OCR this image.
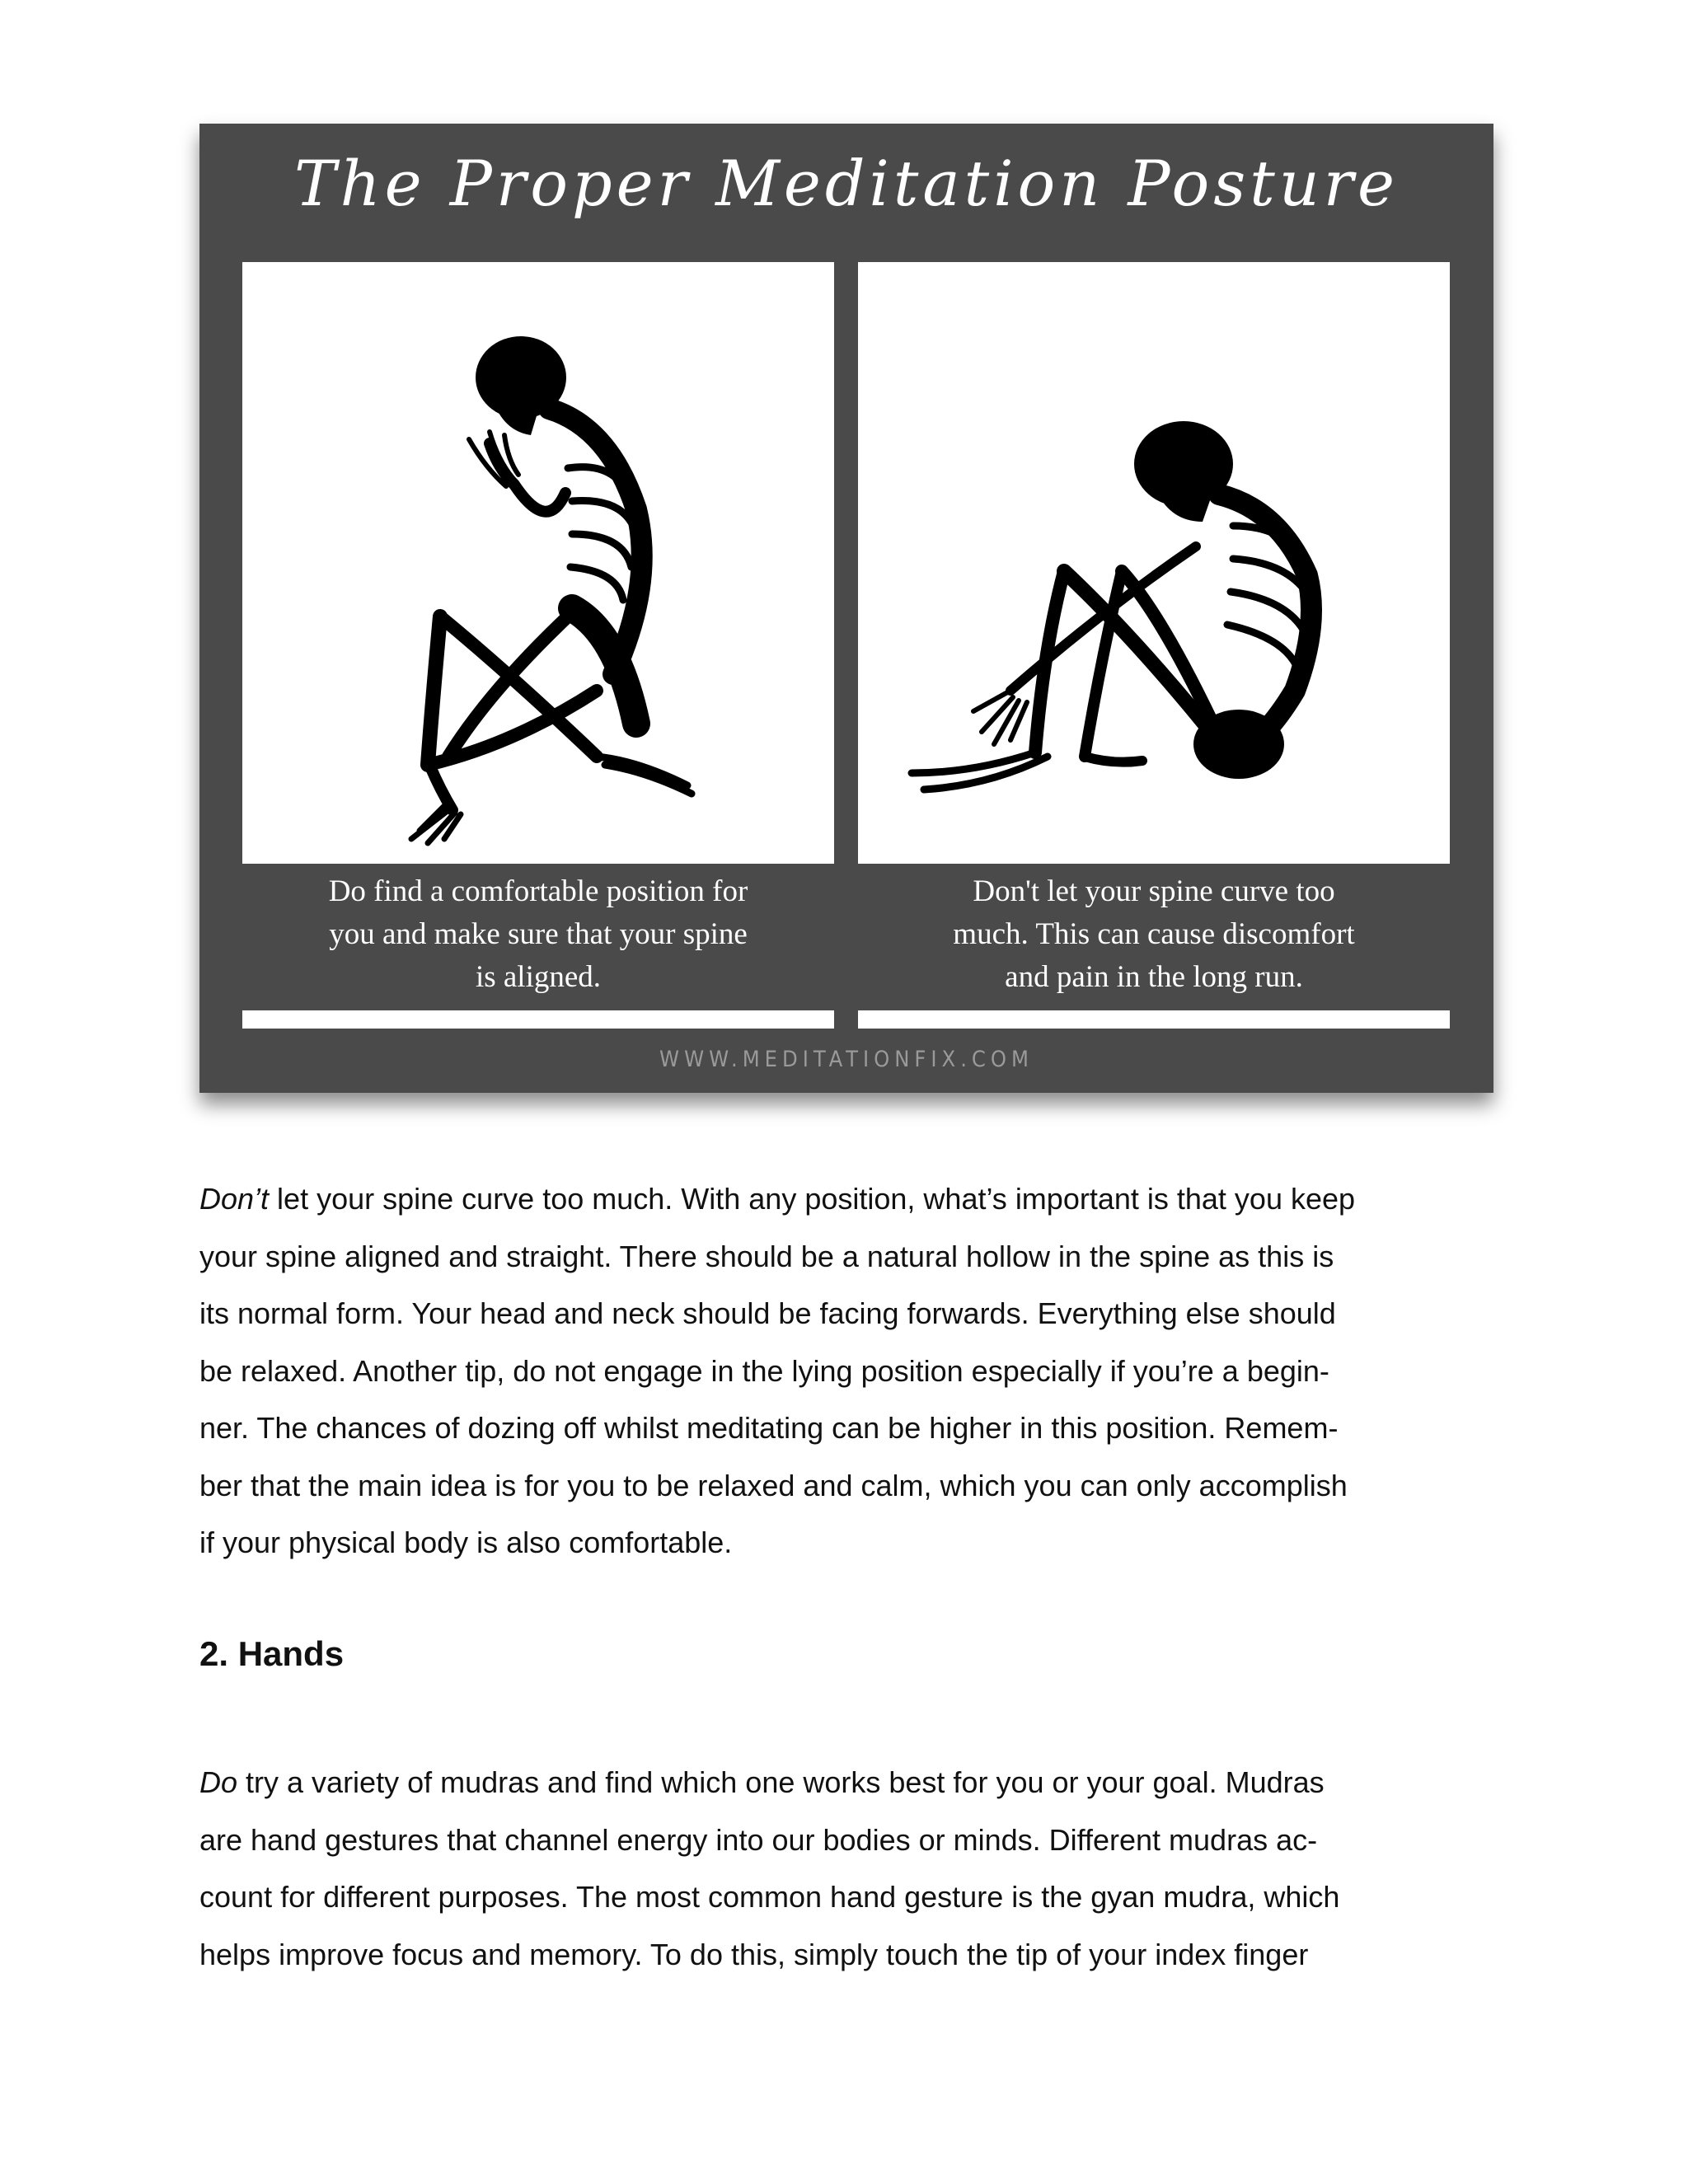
The Proper Meditation Posture
Do find a comfortable position for
you and make sure that your spine
is aligned.
Don't let your spine curve too
much. This can cause discomfort
and pain in the long run.
WWW.MEDITATIONFIX.COM
Don’t let your spine curve too much. With any position, what’s important is that you keep
your spine aligned and straight. There should be a natural hollow in the spine as this is
its normal form. Your head and neck should be facing forwards. Everything else should
be relaxed. Another tip, do not engage in the lying position especially if you’re a begin-
ner. The chances of dozing off whilst meditating can be higher in this position. Remem-
ber that the main idea is for you to be relaxed and calm, which you can only accomplish
if your physical body is also comfortable.
2. Hands
Do try a variety of mudras and find which one works best for you or your goal. Mudras
are hand gestures that channel energy into our bodies or minds. Different mudras ac-
count for different purposes. The most common hand gesture is the gyan mudra, which
helps improve focus and memory. To do this, simply touch the tip of your index finger
